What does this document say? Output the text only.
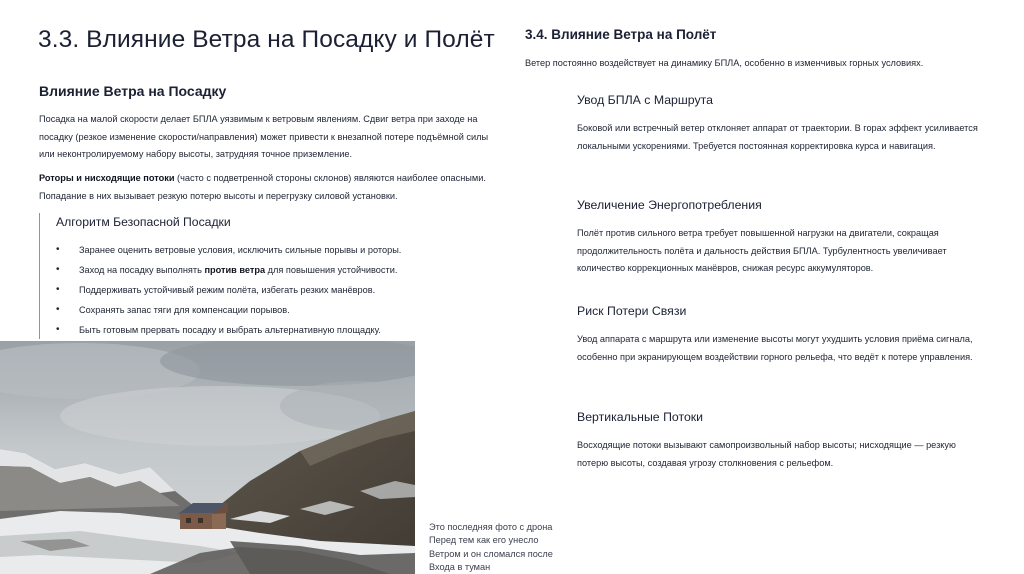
3.3. Влияние Ветра на Посадку и Полёт
Влияние Ветра на Посадку

Посадка на малой скорости делает БПЛА уязвимым к ветровым явлениям. Сдвиг ветра при заходе на посадку (резкое изменение скорости/направления) может привести к внезапной потере подъёмной силы или неконтролируемому набору высоты, затрудняя точное приземление.

Роторы и нисходящие потоки (часто с подветренной стороны склонов) являются наиболее опасными. Попадание в них вызывает резкую потерю высоты и перегрузку силовой установки.

Алгоритм Безопасной Посадки
• Заранее оценить ветровые условия, исключить сильные порывы и роторы.
• Заход на посадку выполнять против ветра для повышения устойчивости.
• Поддерживать устойчивый режим полёта, избегать резких манёвров.
• Сохранять запас тяги для компенсации порывов.
• Быть готовым прервать посадку и выбрать альтернативную площадку.
Это последняя фото с дрона
Перед тем как его унесло
Ветром и он сломался после
Входа в туман
3.4. Влияние Ветра на Полёт

Ветер постоянно воздействует на динамику БПЛА, особенно в изменчивых горных условиях.

Увод БПЛА с Маршрута
Боковой или встречный ветер отклоняет аппарат от траектории. В горах эффект усиливается локальными ускорениями. Требуется постоянная корректировка курса и навигация.
Увеличение Энергопотребления
Полёт против сильного ветра требует повышенной нагрузки на двигатели, сокращая продолжительность полёта и дальность действия БПЛА. Турбулентность увеличивает количество коррекционных манёвров, снижая ресурс аккумуляторов.
Риск Потери Связи
Увод аппарата с маршрута или изменение высоты могут ухудшить условия приёма сигнала, особенно при экранирующем воздействии горного рельефа, что ведёт к потере управления.
Вертикальные Потоки
Восходящие потоки вызывают самопроизвольный набор высоты; нисходящие — резкую потерю высоты, создавая угрозу столкновения с рельефом.
